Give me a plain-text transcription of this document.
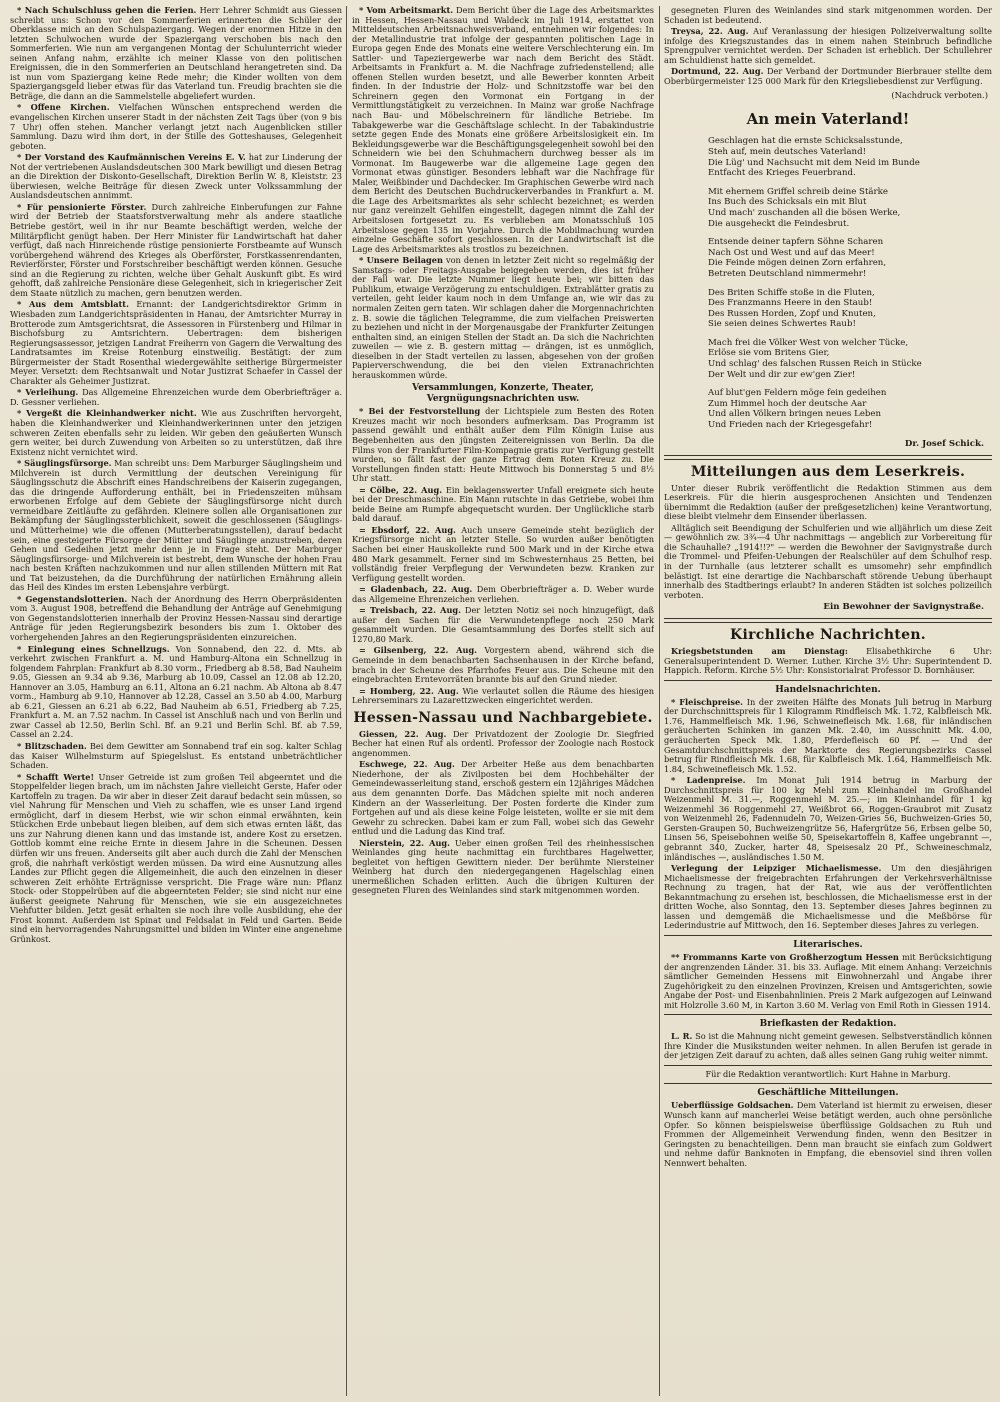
* Nach Schulschluss gehen die Ferien. Herr Lehrer Schmidt aus Giessen schreibt uns: Schon vor den Sommerferien erinnerten die Schüler der Oberklasse mich an den Schulspaziergang. Wegen der enormen Hitze in den letzten Schulwochen wurde der Spaziergang verschoben bis nach den Sommerferien. Wie nun am vergangenen Montag der Schulunterricht wieder seinen Anfang nahm, erzählte ich meiner Klasse von den politischen Ereignissen, die in den Sommerferien an Deutschland herangetreten sind. Da ist nun vom Spaziergang keine Rede mehr; die Kinder wollten von dem Spaziergangsgeld lieber etwas für das Vaterland tun. Freudig brachten sie die Beträge, die dann an die Sammelstelle abgeliefert wurden.

* Offene Kirchen. Vielfachen Wünschen entsprechend werden die evangelischen Kirchen unserer Stadt in der nächsten Zeit Tags über (von 9 bis 7 Uhr) offen stehen. Mancher verlangt jetzt nach Augenblicken stiller Sammlung. Dazu wird ihm dort, in der Stille des Gotteshauses, Gelegenheit geboten.

* Der Vorstand des Kaufmännischen Vereins E. V. hat zur Linderung der Not der vertriebenen Auslandsdeutschen 300 Mark bewilligt und diesen Betrag an die Direktion der Diskonto-Gesellschaft, Direktion Berlin W. 8, Kleiststr. 23 überwiesen, welche Beiträge für diesen Zweck unter Volkssammlung der Auslandsdeutschen annimmt.

* Für pensionierte Förster. Durch zahlreiche Einberufungen zur Fahne wird der Betrieb der Staatsforstverwaltung mehr als andere staatliche Betriebe gestört, weil in ihr nur Beamte beschäftigt werden, welche der Militärpflicht genügt haben. Der Herr Minister für Landwirtschaft hat daher verfügt, daß nach Hinreichende rüstige pensionierte Forstbeamte auf Wunsch vorübergehend während des Krieges als Oberförster, Forstkassenrendanten, Revierförster, Förster und Forstschreiber beschäftigt werden können. Gesuche sind an die Regierung zu richten, welche über Gehalt Auskunft gibt. Es wird gehofft, daß zahlreiche Pensionäre diese Gelegenheit, sich in kriegerischer Zeit dem Staate nützlich zu machen, gern benutzen werden.

* Aus dem Amtsblatt. Ernannt: der Landgerichtsdirektor Grimm in Wiesbaden zum Landgerichtspräsidenten in Hanau, der Amtsrichter Murray in Brotterode zum Amtsgerichtsrat, die Assessoren in Fürstenberg und Hilmar in Bischofsburg zu Amtsrichtern. Uebertragen: dem bisherigen Regierungsassessor, jetzigen Landrat Freiherrn von Gagern die Verwaltung des Landratsamtes im Kreise Rotenburg einstweilig. Bestätigt: der zum Bürgermeister der Stadt Rosenthal wiedergewählte seitherige Bürgermeister Meyer. Versetzt: dem Rechtsanwalt und Notar Justizrat Schaefer in Cassel der Charakter als Geheimer Justizrat.

* Verleihung. Das Allgemeine Ehrenzeichen wurde dem Oberbriefträger a. D. Gessner verliehen.

* Vergeßt die Kleinhandwerker nicht. Wie aus Zuschriften hervorgeht, haben die Kleinhandwerker und Kleinhandwerkerinnen unter den jetzigen schweren Zeiten ebenfalls sehr zu leiden. Wir geben den geäußerten Wunsch gern weiter, bei durch Zuwendung von Arbeiten so zu unterstützen, daß ihre Existenz nicht vernichtet wird.

* Säuglingsfürsorge. Man schreibt uns: Dem Marburger Säuglingsheim und Milchverein ist durch Vermittlung der deutschen Vereinigung für Säuglingsschutz die Abschrift eines Handschreibens der Kaiserin zugegangen, das die dringende Aufforderung enthält, bei in Friedenszeiten mühsam erworbenen Erfolge auf dem Gebiete der Säuglingsfürsorge nicht durch vermeidbare Zeitläufte zu gefährden. Kleinere sollen alle Organisationen zur Bekämpfung der Säuglingssterblichkeit, soweit die geschlossenen (Säuglings- und Mütterheime) wie die offenen (Mutterberatungsstellen), darauf bedacht sein, eine gesteigerte Fürsorge der Mütter und Säuglinge anzustreben, deren Gehen und Gedeihen jetzt mehr denn je in Frage steht. Der Marburger Säuglingsfürsorge- und Milchverein ist bestrebt, dem Wunsche der hohen Frau nach besten Kräften nachzukommen und nur allen stillenden Müttern mit Rat und Tat beizustehen, da die Durchführung der natürlichen Ernährung allein das Heil des Kindes im ersten Lebensjahre verbürgt.

* Gegenstandslotterien. Nach der Anordnung des Herrn Oberpräsidenten vom 3. August 1908, betreffend die Behandlung der Anträge auf Genehmigung von Gegenstandslotterien innerhalb der Provinz Hessen-Nassau sind derartige Anträge für jeden Regierungsbezirk besonders bis zum 1. Oktober des vorhergehenden Jahres an den Regierungspräsidenten einzureichen.

* Einlegung eines Schnellzugs. Von Sonnabend, den 22. d. Mts. ab verkehrt zwischen Frankfurt a. M. und Hamburg-Altona ein Schnellzug in folgendem Fahrplan: Frankfurt ab 8.30 vorm., Friedberg ab 8.58, Bad Nauheim 9.05, Giessen an 9.34 ab 9.36, Marburg ab 10.09, Cassel an 12.08 ab 12.20, Hannover an 3.05, Hamburg an 6.11, Altona an 6.21 nachm. Ab Altona ab 8.47 vorm., Hamburg ab 9.10, Hannover ab 12.28, Cassel an 3.50 ab 4.00, Marburg ab 6.21, Giessen an 6.21 ab 6.22, Bad Nauheim ab 6.51, Friedberg ab 7.25, Frankfurt a. M. an 7.52 nachm. In Cassel ist Anschluß nach und von Berlin und zwar Cassel ab 12.50, Berlin Schl. Bf. an 9.21 und Berlin Schl. Bf. ab 7.59, Cassel an 2.24.

* Blitzschaden. Bei dem Gewitter am Sonnabend traf ein sog. kalter Schlag das Kaiser Wilhelmsturm auf Spiegelslust. Es entstand unbeträchtlicher Schaden.

* Schafft Werte! Unser Getreide ist zum großen Teil abgeerntet und die Stoppelfelder liegen brach, um im nächsten Jahre vielleicht Gerste, Hafer oder Kartoffeln zu tragen. Da wir aber in dieser Zeit darauf bedacht sein müssen, so viel Nahrung für Menschen und Vieh zu schaffen, wie es unser Land irgend ermöglicht, darf in diesem Herbst, wie wir schon einmal erwähnten, kein Stückchen Erde unbebaut liegen bleiben, auf dem sich etwas ernten läßt, das uns zur Nahrung dienen kann und das imstande ist, andere Kost zu ersetzen. Gottlob kommt eine reiche Ernte in diesem Jahre in die Scheunen. Dessen dürfen wir uns freuen. Anderseits gilt aber auch durch die Zahl der Menschen groß, die nahrhaft verköstigt werden müssen. Da wird eine Ausnutzung alles Landes zur Pflicht gegen die Allgemeinheit, die auch den einzelnen in dieser schweren Zeit erhöhte Erträgnisse verspricht. Die Frage wäre nun: Pflanz Stock- oder Stoppelrüben auf die abgeernteten Felder; sie sind nicht nur eine äußerst geeignete Nahrung für Menschen, wie sie ein ausgezeichnetes Viehfutter bilden. Jetzt gesät erhalten sie noch ihre volle Ausbildung, ehe der Frost kommt. Außerdem ist Spinat und Feldsalat in Feld und Garten. Beide sind ein hervorragendes Nahrungsmittel und bilden im Winter eine angenehme Grünkost.

* Vom Arbeitsmarkt. Dem Bericht über die Lage des Arbeitsmarktes in Hessen, Hessen-Nassau und Waldeck im Juli 1914, erstattet von Mitteldeutschen Arbeitsnachweisverband, entnehmen wir folgendes: In der Metallindustrie trat infolge der gespannten politischen Lage in Europa gegen Ende des Monats eine weitere Verschlechterung ein. Im Sattler- und Tapeziergewerbe war nach dem Bericht des Städt. Arbeitsamts in Frankfurt a. M. die Nachfrage zufriedenstellend; alle offenen Stellen wurden besetzt, und alle Bewerber konnten Arbeit finden. In der Industrie der Holz- und Schnitzstoffe war bei den Schreinern gegen den Vormonat ein Fortgang in der Vermittlungstätigkeit zu verzeichnen. In Mainz war große Nachfrage nach Bau- und Möbelschreinern für ländliche Betriebe. Im Tabakgewerbe war die Geschäftslage schlecht. In der Tabakindustrie setzte gegen Ende des Monats eine größere Arbeitslosigkeit ein. Im Bekleidungsgewerbe war die Beschäftigungsgelegenheit sowohl bei den Schneidern wie bei den Schuhmachern durchweg besser als im Vormonat. Im Baugewerbe war die allgemeine Lage gegen den Vormonat etwas günstiger. Besonders lebhaft war die Nachfrage für Maler, Weißbinder und Dachdecker. Im Graphischen Gewerbe wird nach dem Bericht des Deutschen Buchdruckerverbandes in Frankfurt a. M. die Lage des Arbeitsmarktes als sehr schlecht bezeichnet; es werden nur ganz vereinzelt Gehilfen eingestellt, dagegen nimmt die Zahl der Arbeitslosen fortgesetzt zu. Es verblieben am Monatsschluß 105 Arbeitslose gegen 135 im Vorjahre. Durch die Mobilmachung wurden einzelne Geschäfte sofort geschlossen. In der Landwirtschaft ist die Lage des Arbeitsmarktes als trostlos zu bezeichnen.

* Unsere Beilagen von denen in letzter Zeit nicht so regelmäßig der Samstags- oder Freitags-Ausgabe beigegeben werden, dies ist früher der Fall war. Die letzte Nummer liegt heute bei; wir bitten das Publikum, etwaige Verzögerung zu entschuldigen. Extrablätter gratis zu verteilen, geht leider kaum noch in dem Umfange an, wie wir das zu normalen Zeiten gern taten. Wir schlagen daher die Morgennachrichten z. B. sowie die täglichen Telegramme, die zum vielfachen Preiswerten zu beziehen und nicht in der Morgenausgabe der Frankfurter Zeitungen enthalten sind, an einigen Stellen der Stadt an. Da sich die Nachrichten zuweilen — wie z. B. gestern mittag — drängen, ist es unmöglich, dieselben in der Stadt verteilen zu lassen, abgesehen von der großen Papierverschwendung, die bei den vielen Extranachrichten herauskommen würde.

Versammlungen, Konzerte, Theater, Vergnügungsnachrichten usw.

* Bei der Festvorstellung der Lichtspiele zum Besten des Roten Kreuzes macht wir noch besonders aufmerksam. Das Programm ist passend gewählt und enthält außer dem Film Königin Luise aus Begebenheiten aus den jüngsten Zeitereignissen von Berlin. Da die Films von der Frankfurter Film-Kompagnie gratis zur Verfügung gestellt wurden, so fällt fast der ganze Ertrag dem Roten Kreuz zu. Die Vorstellungen finden statt: Heute Mittwoch bis Donnerstag 5 und 8½ Uhr statt.

= Cölbe, 22. Aug. Ein beklagenswerter Unfall ereignete sich heute bei der Dreschmaschine. Ein Mann rutschte in das Getriebe, wobei ihm beide Beine am Rumpfe abgequetscht wurden. Der Unglückliche starb bald darauf.

= Ebsdorf, 22. Aug. Auch unsere Gemeinde steht bezüglich der Kriegsfürsorge nicht an letzter Stelle. So wurden außer benötigten Sachen bei einer Hauskollekte rund 500 Mark und in der Kirche etwa 480 Mark gesammelt. Ferner sind im Schwesternhaus 25 Betten, bei vollständig freier Verpflegung der Verwundeten bezw. Kranken zur Verfügung gestellt worden.

= Gladenbach, 22. Aug. Dem Oberbriefträger a. D. Weber wurde das Allgemeine Ehrenzeichen verliehen.

= Treisbach, 22. Aug. Der letzten Notiz sei noch hinzugefügt, daß außer den Sachen für die Verwundetenpflege noch 250 Mark gesammelt wurden. Die Gesamtsammlung des Dorfes stellt sich auf 1270,80 Mark.

= Gilsenberg, 22. Aug. Vorgestern abend, während sich die Gemeinde in dem benachbarten Sachsenhausen in der Kirche befand, brach in der Scheune des Pfarrhofes Feuer aus. Die Scheune mit den eingebrachten Erntevorräten brannte bis auf den Grund nieder.

= Homberg, 22. Aug. Wie verlautet sollen die Räume des hiesigen Lehrerseminars zu Lazarettzwecken eingerichtet werden.

Hessen-Nassau und Nachbargebiete.

Giessen, 22. Aug. Der Privatdozent der Zoologie Dr. Siegfried Becher hat einen Ruf als ordentl. Professor der Zoologie nach Rostock angenommen.

Eschwege, 22. Aug. Der Arbeiter Heße aus dem benachbarten Niederhone, der als Zivilposten bei dem Hochbehälter der Gemeindewasserleitung stand, erschoß gestern ein 12jähriges Mädchen aus dem genannten Dorfe. Das Mädchen spielte mit noch anderen Kindern an der Wasserleitung. Der Posten forderte die Kinder zum Fortgehen auf und als diese keine Folge leisteten, wollte er sie mit dem Gewehr zu schrecken. Dabei kam er zum Fall, wobei sich das Gewehr entlud und die Ladung das Kind traf.

Nierstein, 22. Aug. Ueber einen großen Teil des rheinhessischen Weinlandes ging heute nachmittag ein furchtbares Hagelwetter, begleitet von heftigen Gewittern nieder. Der berühmte Niersteiner Weinberg hat durch den niedergegangenen Hagelschlag einen unermeßlichen Schaden erlitten. Auch die übrigen Kulturen der gesegneten Fluren des Weinlandes sind stark mitgenommen worden.

gesegneten Fluren des Weinlandes sind stark mitgenommen worden. Der Schaden ist bedeutend.

Treysa, 22. Aug. Auf Veranlassung der hiesigen Polizeiverwaltung sollte infolge des Kriegszustandes das in einem nahen Steinbruch befindliche Sprengpulver vernichtet werden. Der Schaden ist erheblich. Der Schullehrer am Schuldienst hatte sich gemeldet.

Dortmund, 22. Aug. Der Verband der Dortmunder Bierbrauer stellte dem Oberbürgermeister 125 000 Mark für den Kriegsliebesdienst zur Verfügung.

(Nachdruck verboten.)
An mein Vaterland!
Geschlagen hat die ernste Schicksalsstunde,
Steh auf, mein deutsches Vaterland!
Die Lüg' und Nachsucht mit dem Neid im Bunde
Entfacht des Krieges Feuerbrand.
Mit ehernem Griffel schreib deine Stärke
Ins Buch des Schicksals ein mit Blut
Und mach' zuschanden all die bösen Werke,
Die ausgeheckt die Feindesbrut.
Entsende deiner tapfern Söhne Scharen
Nach Ost und West und auf das Meer!
Die Feinde mögen deinen Zorn erfahren,
Betreten Deutschland nimmermehr!
Des Briten Schiffe stoße in die Fluten,
Des Franzmanns Heere in den Staub!
Des Russen Horden, Zopf und Knuten,
Sie seien deines Schwertes Raub!
Mach frei die Völker West von welcher Tücke,
Erlöse sie vom Britens Gier,
Und schlag' des falschen Russen Reich in Stücke
Der Welt und dir zur ew'gen Zier!
Auf blut'gen Feldern möge fein gedeihen
Zum Himmel hoch der deutsche Aar
Und allen Völkern bringen neues Leben
Und Frieden nach der Kriegesgefahr!
Dr. Josef Schick.
Mitteilungen aus dem Leserkreis.

Unter dieser Rubrik veröffentlicht die Redaktion Stimmen aus dem Leserkreis. Für die hierin ausgesprochenen Ansichten und Tendenzen übernimmt die Redaktion (außer der preßgesetzlichen) keine Verantwortung, diese bleibt vielmehr dem Einsender überlassen.

Alltäglich seit Beendigung der Schulferien und wie alljährlich um diese Zeit — gewöhnlich zw. 3¾—4 Uhr nachmittags — angeblich zur Vorbereitung für die Schauhalle? „1914!!?" — werden die Bewohner der Savignystraße durch die Trommel- und Pfeifen-Uebungen der Realschüler auf dem Schulhof resp. in der Turnhalle (aus letzterer schallt es umsomehr) sehr empfindlich belästigt. Ist eine derartige die Nachbarschaft störende Uebung überhaupt innerhalb des Stadtberings erlaubt? In anderen Städten ist solches polizeilich verboten.

Ein Bewohner der Savignystraße.
Kirchliche Nachrichten.

Kriegsbetstunden am Dienstag: Elisabethkirche 6 Uhr: Generalsuperintendent D. Werner. Luther. Kirche 3½ Uhr: Superintendent D. Happich. Reform. Kirche 5½ Uhr: Konsistorialrat Professor D. Bornhäuser.

Handelsnachrichten.

* Fleischpreise. In der zweiten Hälfte des Monats Juli betrug in Marburg der Durchschnittspreis für 1 Kilogramm Rindfleisch Mk. 1.72, Kalbfleisch Mk. 1.76, Hammelfleisch Mk. 1.96, Schweinefleisch Mk. 1.68, für inländischen geräucherten Schinken im ganzen Mk. 2.40, im Ausschnitt Mk. 4.00, geräucherten Speck Mk. 1.80, Pferdefleisch 60 Pf. — Und der Gesamtdurchschnittspreis der Marktorte des Regierungsbezirks Cassel betrug für Rindfleisch Mk. 1.68, für Kalbfleisch Mk. 1.64, Hammelfleisch Mk. 1.84, Schweinefleisch Mk. 1.52.

* Ladenpreise. Im Monat Juli 1914 betrug in Marburg der Durchschnittspreis für 100 kg Mehl zum Kleinhandel im Großhandel Weizenmehl M. 31.—, Roggenmehl M. 25.—; im Kleinhandel für 1 kg Weizenmehl 36 Roggenmehl 27, Weißbrot 66, Roggen-Graubrot mit Zusatz von Weizenmehl 26, Fadennudeln 70, Weizen-Gries 56, Buchweizen-Gries 50, Gersten-Graupen 50, Buchweizengrütze 56, Hafergrütze 56, Erbsen gelbe 50, Linsen 56, Speisebohnen weiße 50, Speisekartoffeln 8, Kaffee ungebrannt —, gebrannt 340, Zucker, harter 48, Speisesalz 20 Pf., Schweineschmalz, inländisches —, ausländisches 1.50 M.

Verlegung der Leipziger Michaelismesse. Um den diesjährigen Michaelismesse der freigebrachten Erfahrungen der Verkehrsverhältnisse Rechnung zu tragen, hat der Rat, wie aus der veröffentlichten Bekanntmachung zu ersehen ist, beschlossen, die Michaelismesse erst in der dritten Woche, also Sonntag, den 13. September dieses Jahres beginnen zu lassen und demgemäß die Michaelismesse und die Meßbörse für Lederindustrie auf Mittwoch, den 16. September dieses Jahres zu verlegen.

Literarisches.

** Frommanns Karte von Großherzogtum Hessen mit Berücksichtigung der angrenzenden Länder. 31. bis 33. Auflage. Mit einem Anhang: Verzeichnis sämtlicher Gemeinden Hessens mit Einwohnerzahl und Angabe ihrer Zugehörigkeit zu den einzelnen Provinzen, Kreisen und Amtsgerichten, sowie Angabe der Post- und Eisenbahnlinien. Preis 2 Mark aufgezogen auf Leinwand mit Holzrolle 3.60 M, in Karton 3.60 M. Verlag von Emil Roth in Giessen 1914.

Briefkasten der Redaktion.

L. R. So ist die Mahnung nicht gemeint gewesen. Selbstverständlich können Ihre Kinder die Musikstunden weiter nehmen. In allen Berufen ist gerade in der jetzigen Zeit darauf zu achten, daß alles seinen Gang ruhig weiter nimmt.

Für die Redaktion verantwortlich: Kurt Hahne in Marburg.

Geschäftliche Mitteilungen.

Ueberflüssige Goldsachen. Dem Vaterland ist hiermit zu erweisen, dieser Wunsch kann auf mancherlei Weise betätigt werden, auch ohne persönliche Opfer. So können beispielsweise überflüssige Goldsachen zu Ruh und Frommen der Allgemeinheit Verwendung finden, wenn den Besitzer in Geringsten zu benachteiligen. Denn man braucht sie einfach zum Goldwert und nehme dafür Banknoten in Empfang, die ebensoviel sind ihren vollen Nennwert behalten.
